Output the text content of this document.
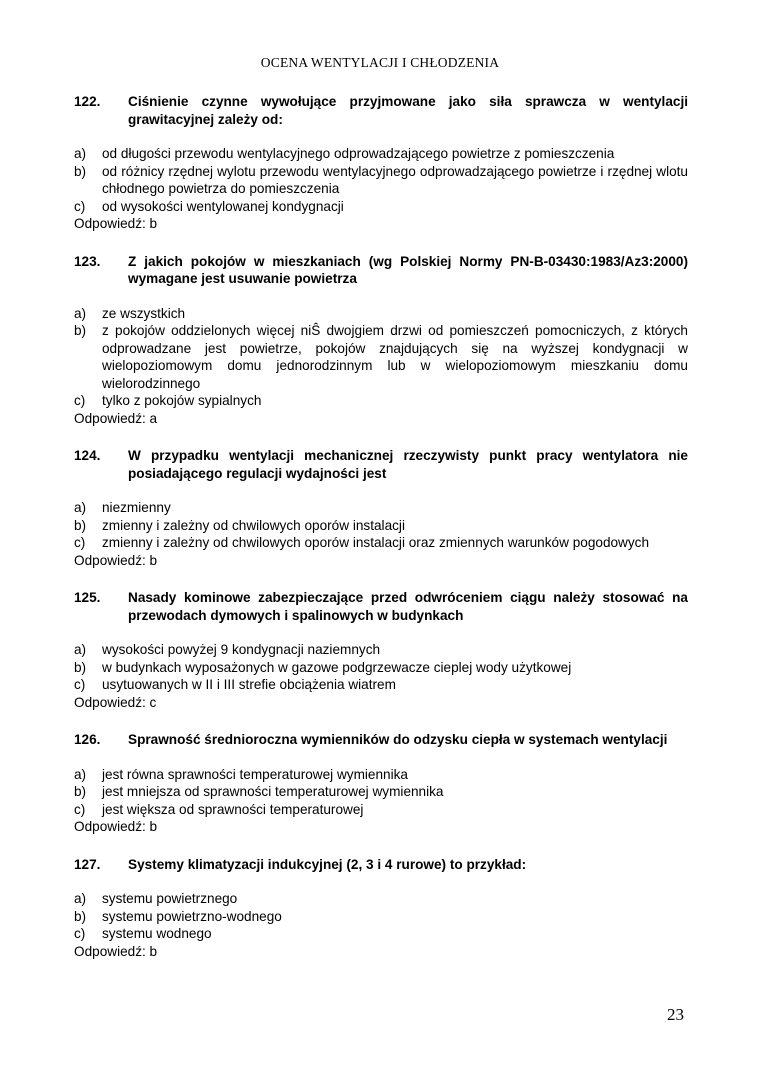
OCENA WENTYLACJI I CHŁODZENIA
122.	Ciśnienie czynne wywołujące przyjmowane jako siła sprawcza w wentylacji grawitacyjnej zależy od:
a)	od długości przewodu wentylacyjnego odprowadzającego powietrze z pomieszczenia
b)	od różnicy rzędnej wylotu przewodu wentylacyjnego odprowadzającego powietrze i rzędnej wlotu chłodnego powietrza do pomieszczenia
c)	od wysokości wentylowanej kondygnacji
Odpowiedź: b
123.	Z jakich pokojów w mieszkaniach (wg Polskiej Normy PN-B-03430:1983/Az3:2000) wymagane jest usuwanie powietrza
a)	ze wszystkich
b)	z pokojów oddzielonych więcej niŜ dwojgiem drzwi od pomieszczeń pomocniczych, z których odprowadzane jest powietrze, pokojów znajdujących się na wyższej kondygnacji w wielopoziomowym domu jednorodzinnym lub w wielopoziomowym mieszkaniu domu wielorodzinnego
c)	tylko z pokojów sypialnych
Odpowiedź: a
124.	W przypadku wentylacji mechanicznej rzeczywisty punkt pracy wentylatora nie posiadającego regulacji wydajności jest
a)	niezmienny
b)	zmienny i zależny od chwilowych oporów instalacji
c)	zmienny i zależny od chwilowych oporów instalacji oraz zmiennych warunków pogodowych
Odpowiedź: b
125.	Nasady kominowe zabezpieczające przed odwróceniem ciągu należy stosować na przewodach dymowych i spalinowych w budynkach
a)	wysokości powyżej 9 kondygnacji naziemnych
b)	w budynkach wyposażonych w gazowe podgrzewacze cieplej wody użytkowej
c)	usytuowanych w II i III strefie obciążenia wiatrem
Odpowiedź: c
126.	Sprawność średnioroczna wymienników do odzysku ciepła w systemach wentylacji
a)	jest równa sprawności temperaturowej wymiennika
b)	jest mniejsza od sprawności temperaturowej wymiennika
c)	jest większa od sprawności temperaturowej
Odpowiedź: b
127.	Systemy klimatyzacji indukcyjnej (2, 3 i 4 rurowe) to przykład:
a)	systemu powietrznego
b)	systemu powietrzno-wodnego
c)	systemu wodnego
Odpowiedź: b
23
